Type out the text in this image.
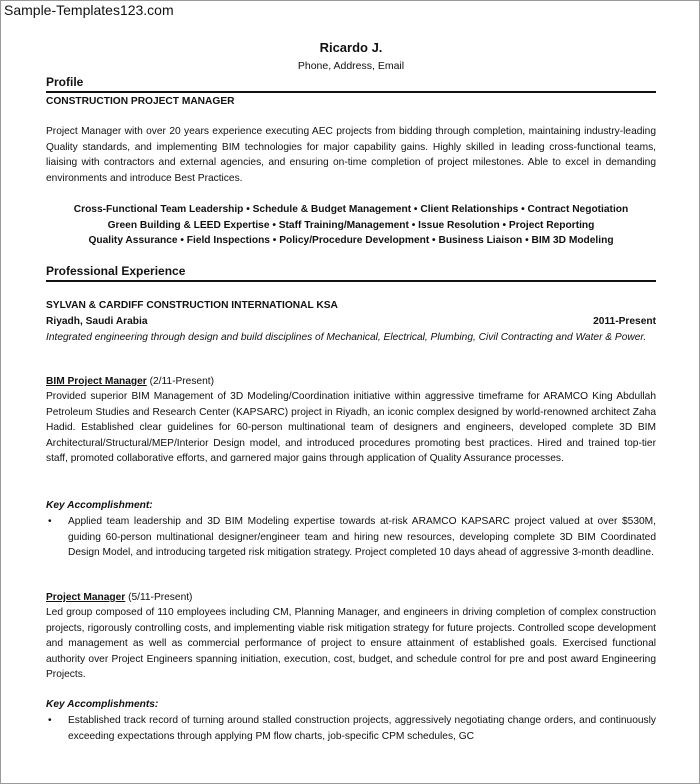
Sample-Templates123.com
Ricardo J.
Phone, Address, Email
Profile
CONSTRUCTION PROJECT MANAGER

Project Manager with over 20 years experience executing AEC projects from bidding through completion, maintaining industry-leading Quality standards, and implementing BIM technologies for major capability gains. Highly skilled in leading cross-functional teams, liaising with contractors and external agencies, and ensuring on-time completion of project milestones. Able to excel in demanding environments and introduce Best Practices.

Cross-Functional Team Leadership • Schedule & Budget Management • Client Relationships • Contract Negotiation
Green Building & LEED Expertise • Staff Training/Management • Issue Resolution • Project Reporting
Quality Assurance • Field Inspections • Policy/Procedure Development • Business Liaison • BIM 3D Modeling
Professional Experience
SYLVAN & CARDIFF CONSTRUCTION INTERNATIONAL KSA
Riyadh, Saudi Arabia	2011-Present
Integrated engineering through design and build disciplines of Mechanical, Electrical, Plumbing, Civil Contracting and Water & Power.
BIM Project Manager (2/11-Present)

Provided superior BIM Management of 3D Modeling/Coordination initiative within aggressive timeframe for ARAMCO King Abdullah Petroleum Studies and Research Center (KAPSARC) project in Riyadh, an iconic complex designed by world-renowned architect Zaha Hadid. Established clear guidelines for 60-person multinational team of designers and engineers, developed complete 3D BIM Architectural/Structural/MEP/Interior Design model, and introduced procedures promoting best practices. Hired and trained top-tier staff, promoted collaborative efforts, and garnered major gains through application of Quality Assurance processes.

Key Accomplishment:
• Applied team leadership and 3D BIM Modeling expertise towards at-risk ARAMCO KAPSARC project valued at over $530M, guiding 60-person multinational designer/engineer team and hiring new resources, developing complete 3D BIM Coordinated Design Model, and introducing targeted risk mitigation strategy. Project completed 10 days ahead of aggressive 3-month deadline.
Project Manager (5/11-Present)

Led group composed of 110 employees including CM, Planning Manager, and engineers in driving completion of complex construction projects, rigorously controlling costs, and implementing viable risk mitigation strategy for future projects. Controlled scope development and management as well as commercial performance of project to ensure attainment of established goals. Exercised functional authority over Project Engineers spanning initiation, execution, cost, budget, and schedule control for pre and post award Engineering Projects.

Key Accomplishments:
• Established track record of turning around stalled construction projects, aggressively negotiating change orders, and continuously exceeding expectations through applying PM flow charts, job-specific CPM schedules, GC
